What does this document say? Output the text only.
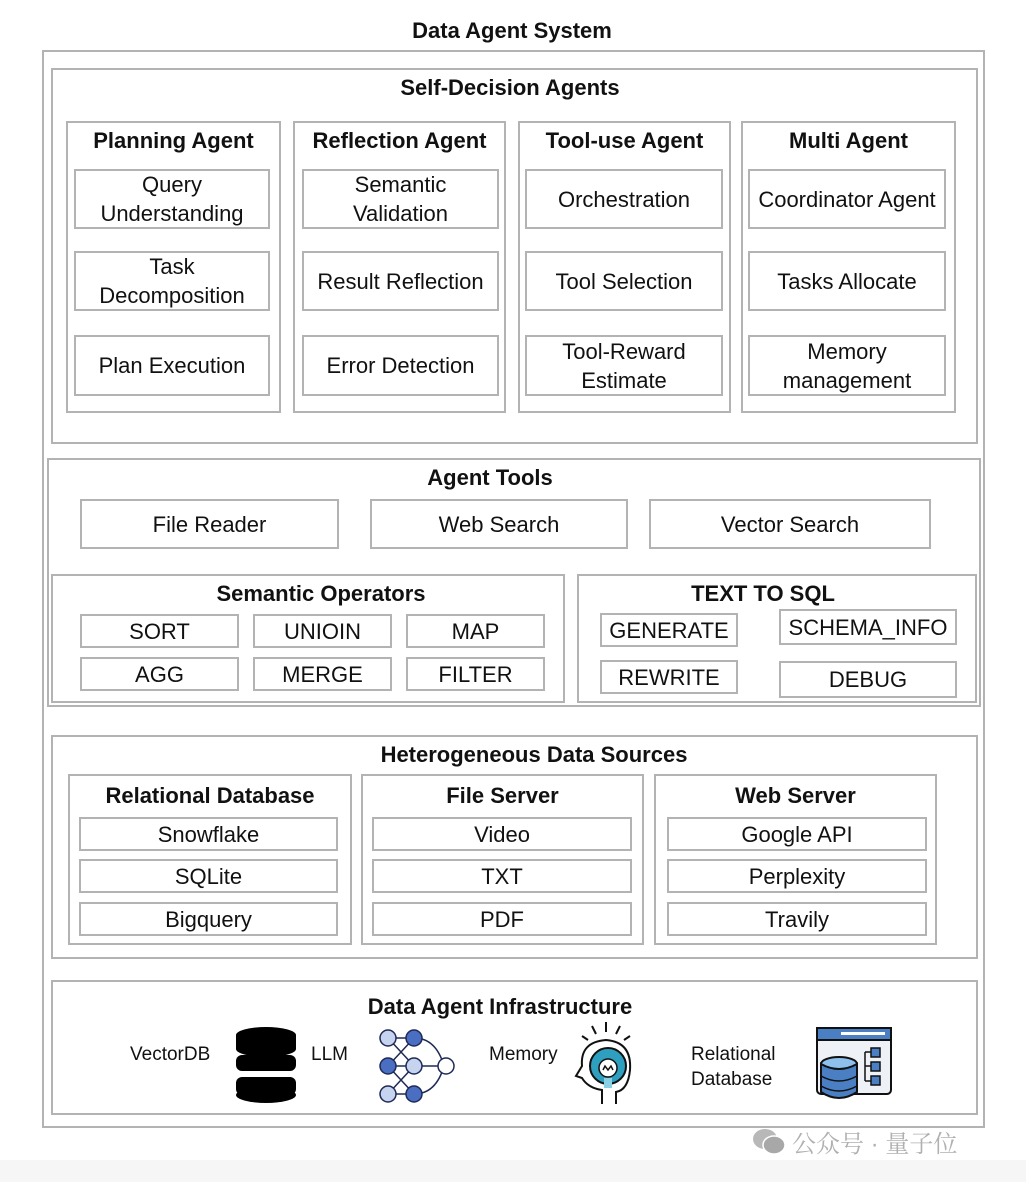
Data Agent System
Self-Decision Agents
Planning Agent
Query Understanding
Task Decomposition
Plan Execution
Reflection Agent
Semantic Validation
Result Reflection
Error Detection
Tool-use Agent
Orchestration
Tool Selection
Tool-Reward Estimate
Multi Agent
Coordinator Agent
Tasks Allocate
Memory management
Agent Tools
File Reader	Web Search	Vector Search
Semantic Operators
SORT	UNIOIN	MAP
AGG	MERGE	FILTER
TEXT TO SQL
GENERATE	SCHEMA_INFO
REWRITE	DEBUG
Heterogeneous Data Sources
Relational Database
Snowflake
SQLite
Bigquery
File Server
Video
TXT
PDF
Web Server
Google API
Perplexity
Travily
Data Agent Infrastructure
VectorDB	LLM	Memory	Relational Database
公众号 · 量子位
